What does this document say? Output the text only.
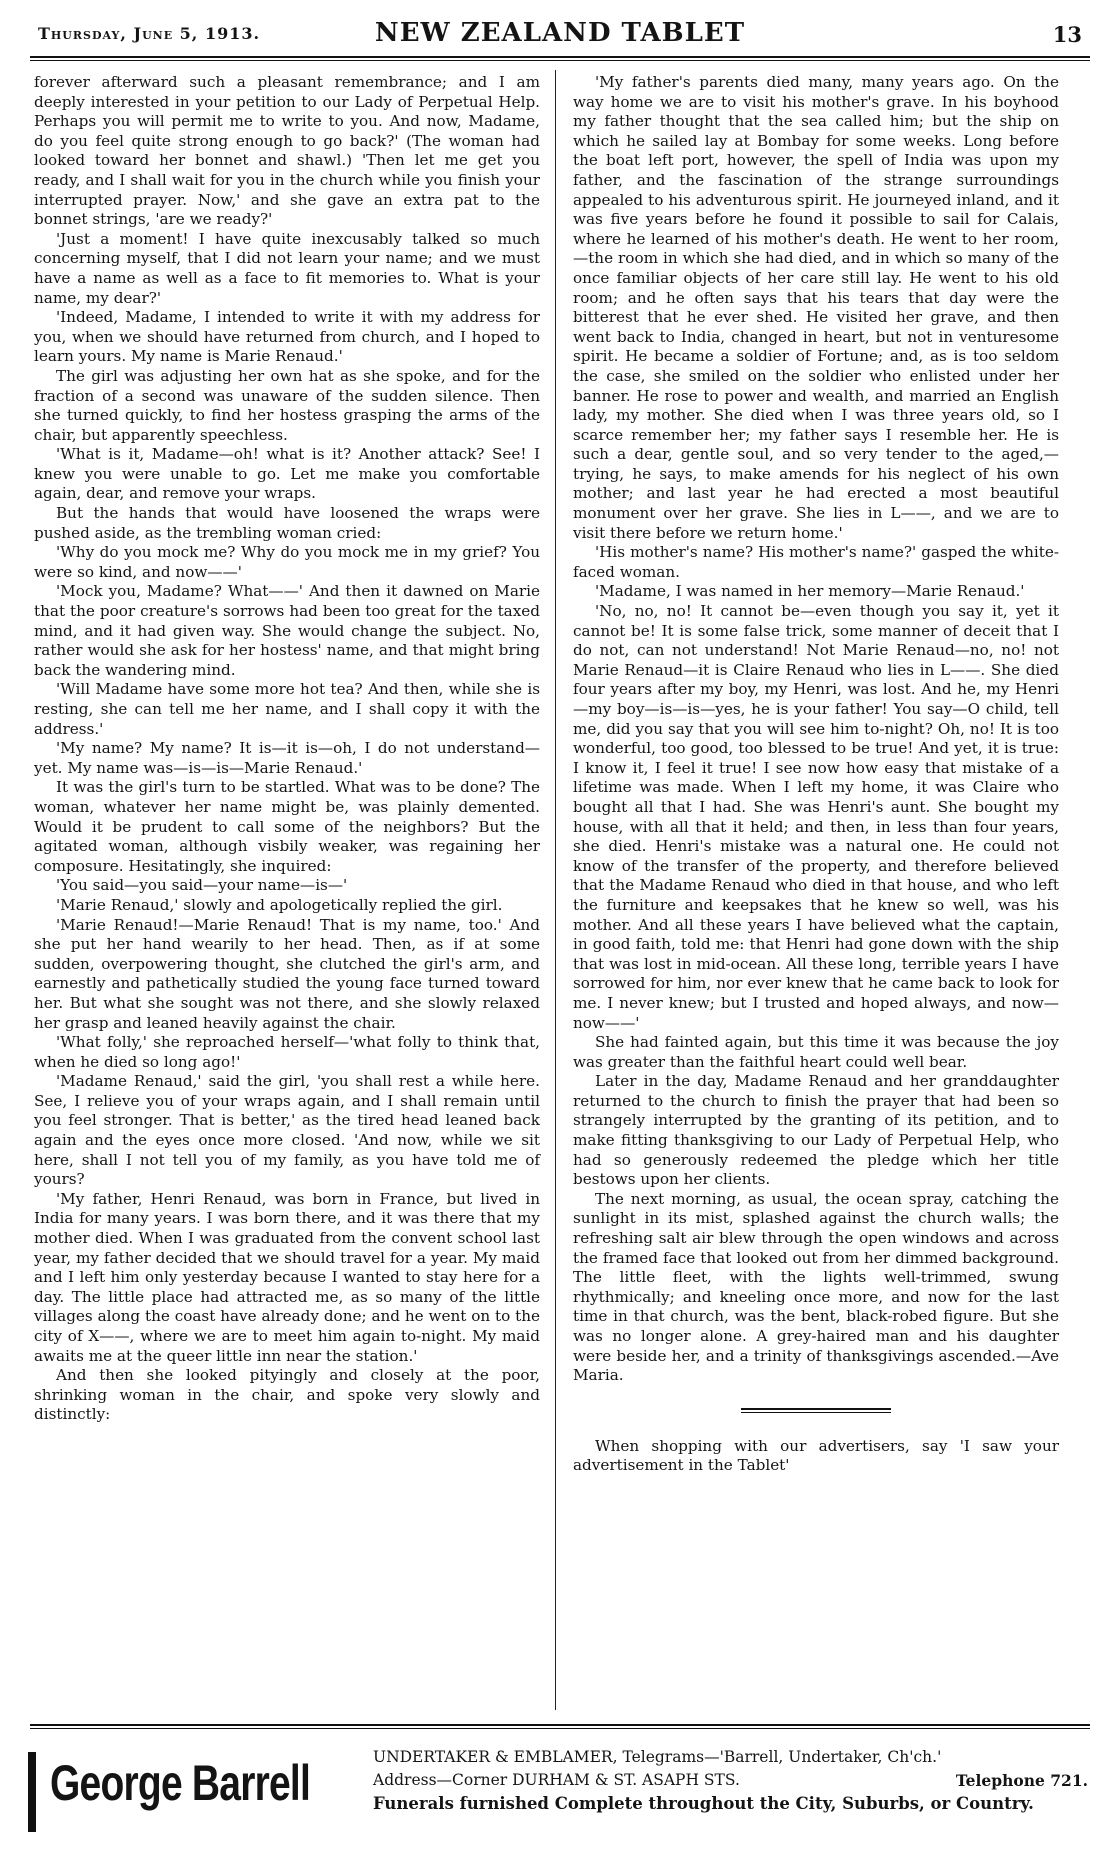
Thursday, June 5, 1913.	NEW ZEALAND TABLET	13

forever afterward such a pleasant remembrance; and I am deeply interested in your petition to our Lady of Perpetual Help. Perhaps you will permit me to write to you. And now, Madame, do you feel quite strong enough to go back?' (The woman had looked toward her bonnet and shawl.) 'Then let me get you ready, and I shall wait for you in the church while you finish your interrupted prayer. Now,' and she gave an extra pat to the bonnet strings, 'are we ready?'

'Just a moment! I have quite inexcusably talked so much concerning myself, that I did not learn your name; and we must have a name as well as a face to fit memories to. What is your name, my dear?'

'Indeed, Madame, I intended to write it with my address for you, when we should have returned from church, and I hoped to learn yours. My name is Marie Renaud.'

The girl was adjusting her own hat as she spoke, and for the fraction of a second was unaware of the sudden silence. Then she turned quickly, to find her hostess grasping the arms of the chair, but apparently speechless.

'What is it, Madame—oh! what is it? Another attack? See! I knew you were unable to go. Let me make you comfortable again, dear, and remove your wraps.

But the hands that would have loosened the wraps were pushed aside, as the trembling woman cried:

'Why do you mock me? Why do you mock me in my grief? You were so kind, and now——'

'Mock you, Madame? What——' And then it dawned on Marie that the poor creature's sorrows had been too great for the taxed mind, and it had given way. She would change the subject. No, rather would she ask for her hostess' name, and that might bring back the wandering mind.

'Will Madame have some more hot tea? And then, while she is resting, she can tell me her name, and I shall copy it with the address.'

'My name? My name? It is—it is—oh, I do not understand—yet. My name was—is—is—Marie Renaud.'

It was the girl's turn to be startled. What was to be done? The woman, whatever her name might be, was plainly demented. Would it be prudent to call some of the neighbors? But the agitated woman, although visbily weaker, was regaining her composure. Hesitatingly, she inquired:

'You said—you said—your name—is—'

'Marie Renaud,' slowly and apologetically replied the girl.

'Marie Renaud!—Marie Renaud! That is my name, too.' And she put her hand wearily to her head. Then, as if at some sudden, overpowering thought, she clutched the girl's arm, and earnestly and pathetically studied the young face turned toward her. But what she sought was not there, and she slowly relaxed her grasp and leaned heavily against the chair.

'What folly,' she reproached herself—'what folly to think that, when he died so long ago!'

'Madame Renaud,' said the girl, 'you shall rest a while here. See, I relieve you of your wraps again, and I shall remain until you feel stronger. That is better,' as the tired head leaned back again and the eyes once more closed. 'And now, while we sit here, shall I not tell you of my family, as you have told me of yours?

'My father, Henri Renaud, was born in France, but lived in India for many years. I was born there, and it was there that my mother died. When I was graduated from the convent school last year, my father decided that we should travel for a year. My maid and I left him only yesterday because I wanted to stay here for a day. The little place had attracted me, as so many of the little villages along the coast have already done; and he went on to the city of X——, where we are to meet him again to-night. My maid awaits me at the queer little inn near the station.'

And then she looked pityingly and closely at the poor, shrinking woman in the chair, and spoke very slowly and distinctly:

'My father's parents died many, many years ago. On the way home we are to visit his mother's grave. In his boyhood my father thought that the sea called him; but the ship on which he sailed lay at Bombay for some weeks. Long before the boat left port, however, the spell of India was upon my father, and the fascination of the strange surroundings appealed to his adventurous spirit. He journeyed inland, and it was five years before he found it possible to sail for Calais, where he learned of his mother's death. He went to her room,—the room in which she had died, and in which so many of the once familiar objects of her care still lay. He went to his old room; and he often says that his tears that day were the bitterest that he ever shed. He visited her grave, and then went back to India, changed in heart, but not in venturesome spirit. He became a soldier of Fortune; and, as is too seldom the case, she smiled on the soldier who enlisted under her banner. He rose to power and wealth, and married an English lady, my mother. She died when I was three years old, so I scarce remember her; my father says I resemble her. He is such a dear, gentle soul, and so very tender to the aged,—trying, he says, to make amends for his neglect of his own mother; and last year he had erected a most beautiful monument over her grave. She lies in L——, and we are to visit there before we return home.'

'His mother's name? His mother's name?' gasped the white-faced woman.

'Madame, I was named in her memory—Marie Renaud.'

'No, no, no! It cannot be—even though you say it, yet it cannot be! It is some false trick, some manner of deceit that I do not, can not understand! Not Marie Renaud—no, no! not Marie Renaud—it is Claire Renaud who lies in L——. She died four years after my boy, my Henri, was lost. And he, my Henri—my boy—is—is—yes, he is your father! You say—O child, tell me, did you say that you will see him to-night? Oh, no! It is too wonderful, too good, too blessed to be true! And yet, it is true: I know it, I feel it true! I see now how easy that mistake of a lifetime was made. When I left my home, it was Claire who bought all that I had. She was Henri's aunt. She bought my house, with all that it held; and then, in less than four years, she died. Henri's mistake was a natural one. He could not know of the transfer of the property, and therefore believed that the Madame Renaud who died in that house, and who left the furniture and keepsakes that he knew so well, was his mother. And all these years I have believed what the captain, in good faith, told me: that Henri had gone down with the ship that was lost in mid-ocean. All these long, terrible years I have sorrowed for him, nor ever knew that he came back to look for me. I never knew; but I trusted and hoped always, and now—now——'

She had fainted again, but this time it was because the joy was greater than the faithful heart could well bear.

Later in the day, Madame Renaud and her granddaughter returned to the church to finish the prayer that had been so strangely interrupted by the granting of its petition, and to make fitting thanksgiving to our Lady of Perpetual Help, who had so generously redeemed the pledge which her title bestows upon her clients.

The next morning, as usual, the ocean spray, catching the sunlight in its mist, splashed against the church walls; the refreshing salt air blew through the open windows and across the framed face that looked out from her dimmed background. The little fleet, with the lights well-trimmed, swung rhythmically; and kneeling once more, and now for the last time in that church, was the bent, black-robed figure. But she was no longer alone. A grey-haired man and his daughter were beside her, and a trinity of thanksgivings ascended.—Ave Maria.

When shopping with our advertisers, say 'I saw your advertisement in the Tablet'

George Barrell	UNDERTAKER & EMBLAMER, Telegrams—'Barrell, Undertaker, Ch'ch.'
Address—Corner DURHAM & ST. ASAPH STS.	Telephone 721.
Funerals furnished Complete throughout the City, Suburbs, or Country.
